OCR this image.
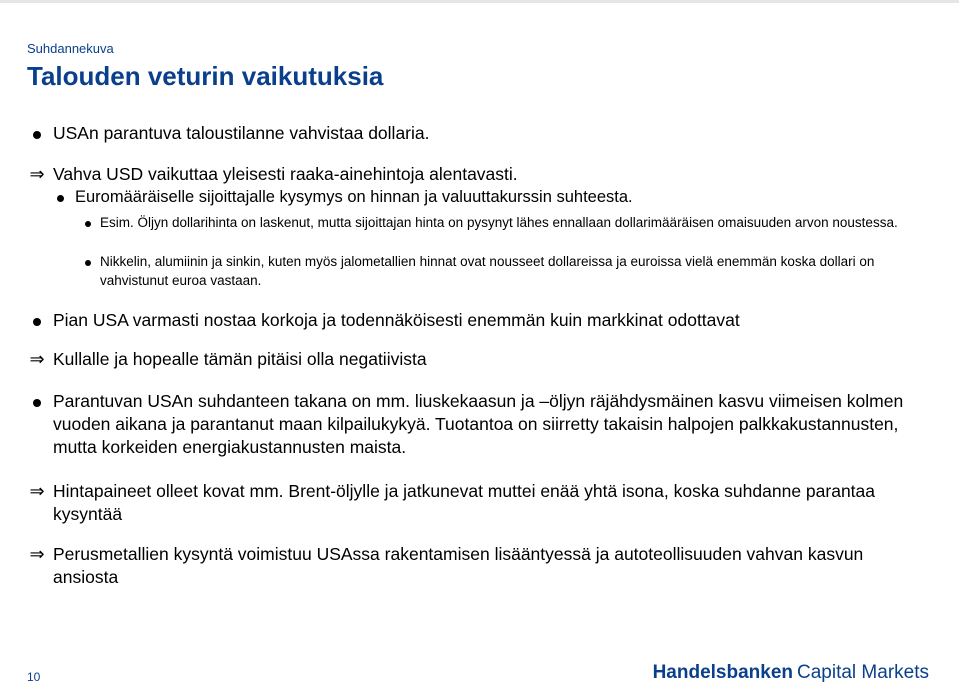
Suhdannekuva
Talouden veturin vaikutuksia
USAn parantuva taloustilanne vahvistaa dollaria.
⇒ Vahva USD vaikuttaa yleisesti raaka-ainehintoja alentavasti.
Euromääräiselle sijoittajalle kysymys on hinnan ja valuuttakurssin suhteesta.
Esim. Öljyn dollarihinta on laskenut, mutta sijoittajan hinta on pysynyt lähes ennallaan dollarimääräisen omaisuuden arvon noustessa.
Nikkelin, alumiinin ja sinkin, kuten myös jalometallien hinnat ovat nousseet dollareissa ja euroissa vielä enemmän koska dollari on vahvistunut euroa vastaan.
Pian USA varmasti nostaa korkoja ja todennäköisesti enemmän kuin markkinat odottavat
⇒ Kullalle ja hopealle tämän pitäisi olla negatiivista
Parantuvan USAn suhdanteen takana on mm. liuskekaasun ja –öljyn räjähdysmäinen kasvu viimeisen kolmen vuoden aikana ja parantanut maan kilpailukykyä. Tuotantoa on siirretty takaisin halpojen palkkakustannusten, mutta korkeiden energiakustannusten maista.
⇒ Hintapaineet olleet kovat mm. Brent-öljylle ja jatkunevat muttei enää yhtä isona, koska suhdanne parantaa kysyntää
⇒ Perusmetallien kysyntä voimistuu USAssa rakentamisen lisääntyessä ja autoteollisuuden vahvan kasvun ansiosta
10	Handelsbanken Capital Markets
